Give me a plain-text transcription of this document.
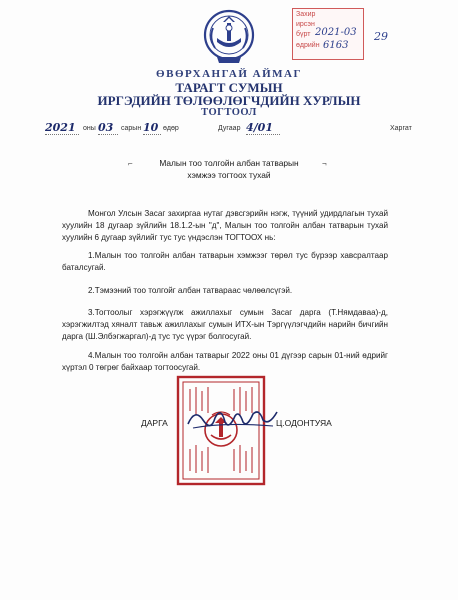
Захир
ирсэн
бүрт
өдрийн
2021-03
6163
29
ӨВӨРХАНГАЙ АЙМАГ
ТАРАГТ СУМЫН
ИРГЭДИЙН ТӨЛӨӨЛӨГЧДИЙН ХУРЛЫН
ТОГТООЛ
2021	оны 03	сарын 10 өдөр	Дугаар 4/01	Харгат
⌐	¬
Малын тоо толгойн албан татварын
хэмжээ тогтоох тухай
Монгол Улсын Засаг захиргаа нутаг дэвсгэрийн нэгж, түүний удирдлагын тухай хуулийн 18 дугаар зүйлийн 18.1.2-ын "д", Малын тоо толгойн албан татварын тухай хуулийн 6 дугаар зүйлийг тус тус үндэслэн ТОГТООХ нь:
1.Малын тоо толгойн албан татварын хэмжээг төрөл тус бүрээр хавсралтаар баталсугай.
2.Тэмээний тоо толгойг албан татвараас чөлөөлсүгэй.
3.Тогтоолыг хэрэгжүүлж ажиллахыг сумын Засаг дарга (Т.Нямдаваа)-д, хэрэгжилтэд хяналт тавьж ажиллахыг сумын ИТХ-ын Тэргүүлэгчдийн нарийн бичгийн дарга (Ш.Элбэгжаргал)-д тус тус үүрэг болгосугай.
4.Малын тоо толгойн албан татварыг 2022 оны 01 дүгээр сарын 01-ний өдрийг хүртэл 0 төгрөг байхаар тогтоосугай.
ДАРГА	Ц.ОДОНТУЯА
